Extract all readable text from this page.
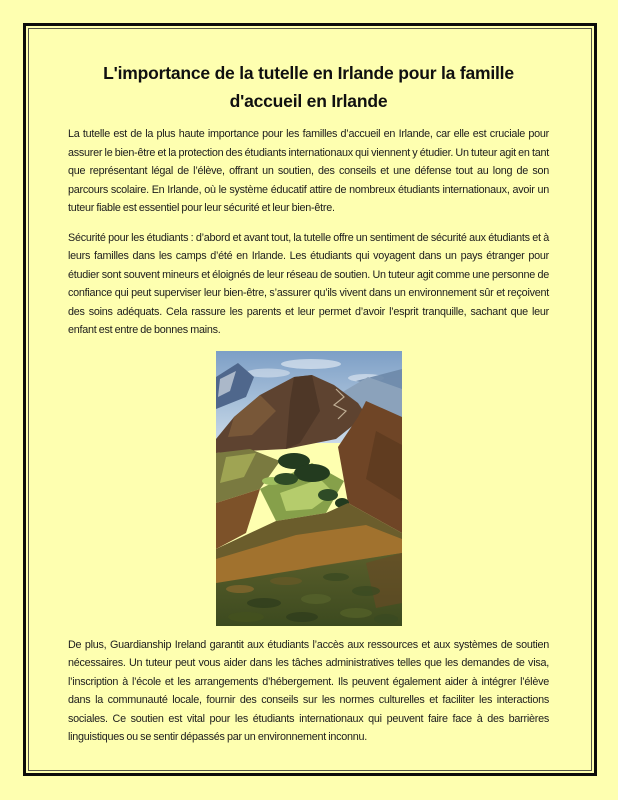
L'importance de la tutelle en Irlande pour la famille
d'accueil en Irlande

La tutelle est de la plus haute importance pour les familles d’accueil en Irlande, car elle est cruciale pour assurer le bien-être et la protection des étudiants internationaux qui viennent y étudier. Un tuteur agit en tant que représentant légal de l’élève, offrant un soutien, des conseils et une défense tout au long de son parcours scolaire. En Irlande, où le système éducatif attire de nombreux étudiants internationaux, avoir un tuteur fiable est essentiel pour leur sécurité et leur bien-être.

Sécurité pour les étudiants : d’abord et avant tout, la tutelle offre un sentiment de sécurité aux étudiants et à leurs familles dans les camps d’été en Irlande. Les étudiants qui voyagent dans un pays étranger pour étudier sont souvent mineurs et éloignés de leur réseau de soutien. Un tuteur agit comme une personne de confiance qui peut superviser leur bien-être, s’assurer qu’ils vivent dans un environnement sûr et reçoivent des soins adéquats. Cela rassure les parents et leur permet d’avoir l’esprit tranquille, sachant que leur enfant est entre de bonnes mains.

De plus, Guardianship Ireland garantit aux étudiants l’accès aux ressources et aux systèmes de soutien nécessaires. Un tuteur peut vous aider dans les tâches administratives telles que les demandes de visa, l’inscription à l’école et les arrangements d’hébergement. Ils peuvent également aider à intégrer l’élève dans la communauté locale, fournir des conseils sur les normes culturelles et faciliter les interactions sociales. Ce soutien est vital pour les étudiants internationaux qui peuvent faire face à des barrières linguistiques ou se sentir dépassés par un environnement inconnu.
